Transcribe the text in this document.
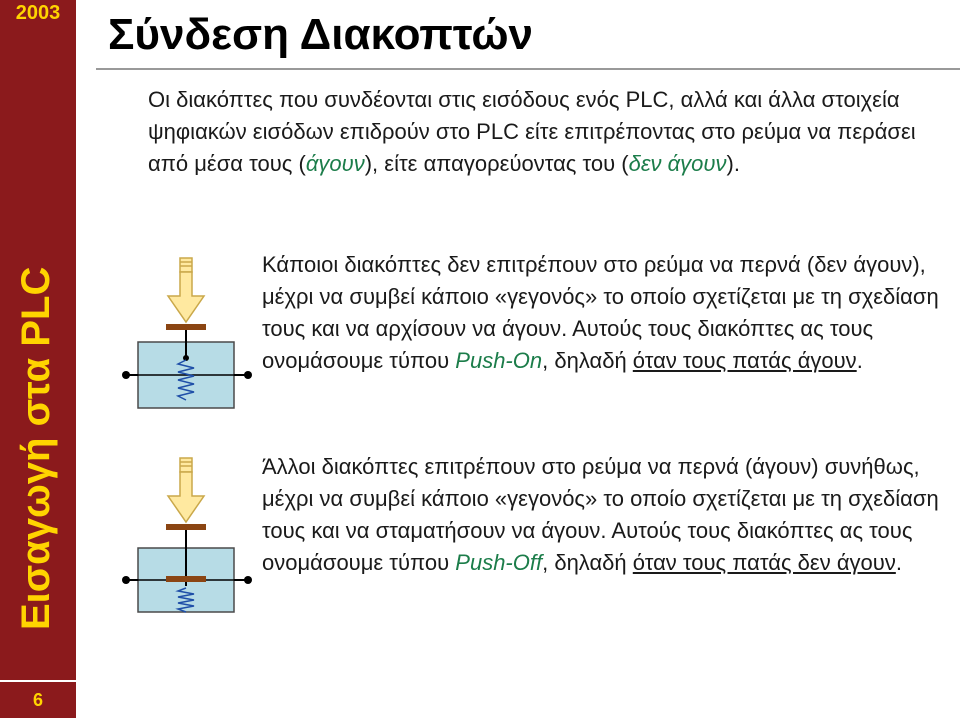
2003
Εισαγωγή στα PLC
6
Σύνδεση Διακοπτών

Οι διακόπτες που συνδέονται στις εισόδους ενός PLC, αλλά και άλλα στοιχεία ψηφιακών εισόδων επιδρούν στο PLC είτε επιτρέποντας στο ρεύμα να περάσει από μέσα τους (άγουν), είτε απαγορεύοντας του (δεν άγουν).

Κάποιοι διακόπτες δεν επιτρέπουν στο ρεύμα να περνά (δεν άγουν), μέχρι να συμβεί κάποιο «γεγονός» το οποίο σχετίζεται με τη σχεδίαση τους και να αρχίσουν να άγουν. Αυτούς τους διακόπτες ας τους ονομάσουμε τύπου Push-On, δηλαδή όταν τους πατάς άγουν.

Άλλοι διακόπτες επιτρέπουν στο ρεύμα να περνά (άγουν) συνήθως, μέχρι να συμβεί κάποιο «γεγονός» το οποίο σχετίζεται με τη σχεδίαση τους και να σταματήσουν να άγουν. Αυτούς τους διακόπτες ας τους ονομάσουμε τύπου Push-Off, δηλαδή όταν τους πατάς δεν άγουν.
